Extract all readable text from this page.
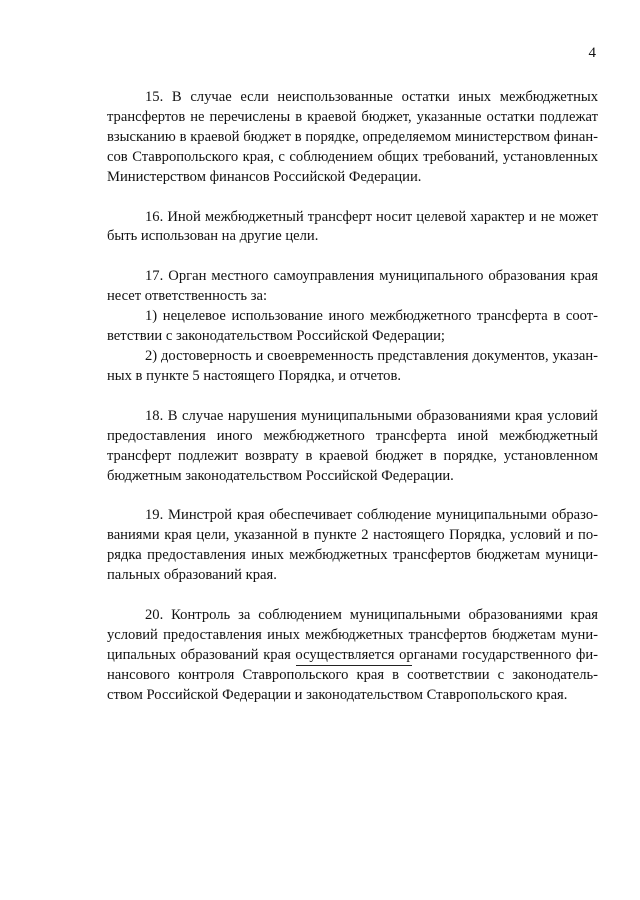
4
15. В случае если неиспользованные остатки иных межбюджетных
трансфертов не перечислены в краевой бюджет, указанные остатки подлежат
взысканию в краевой бюджет в порядке, определяемом министерством финан-
сов Ставропольского края, с соблюдением общих требований, установленных
Министерством финансов Российской Федерации.
16. Иной межбюджетный трансферт носит целевой характер и не может
быть использован на другие цели.
17. Орган местного самоуправления муниципального образования края
несет ответственность за:
1) нецелевое использование иного межбюджетного трансферта в соот-
ветствии с законодательством Российской Федерации;
2) достоверность и своевременность представления документов, указан-
ных в пункте 5 настоящего Порядка, и отчетов.
18. В случае нарушения муниципальными образованиями края условий
предоставления иного межбюджетного трансферта иной межбюджетный
трансферт подлежит возврату в краевой бюджет в порядке, установленном
бюджетным законодательством Российской Федерации.
19. Минстрой края обеспечивает соблюдение муниципальными образо-
ваниями края цели, указанной в пункте 2 настоящего Порядка, условий и по-
рядка предоставления иных межбюджетных трансфертов бюджетам муници-
пальных образований края.
20. Контроль за соблюдением муниципальными образованиями края
условий предоставления иных межбюджетных трансфертов бюджетам муни-
ципальных образований края осуществляется органами государственного фи-
нансового контроля Ставропольского края в соответствии с законодатель-
ством Российской Федерации и законодательством Ставропольского края.
